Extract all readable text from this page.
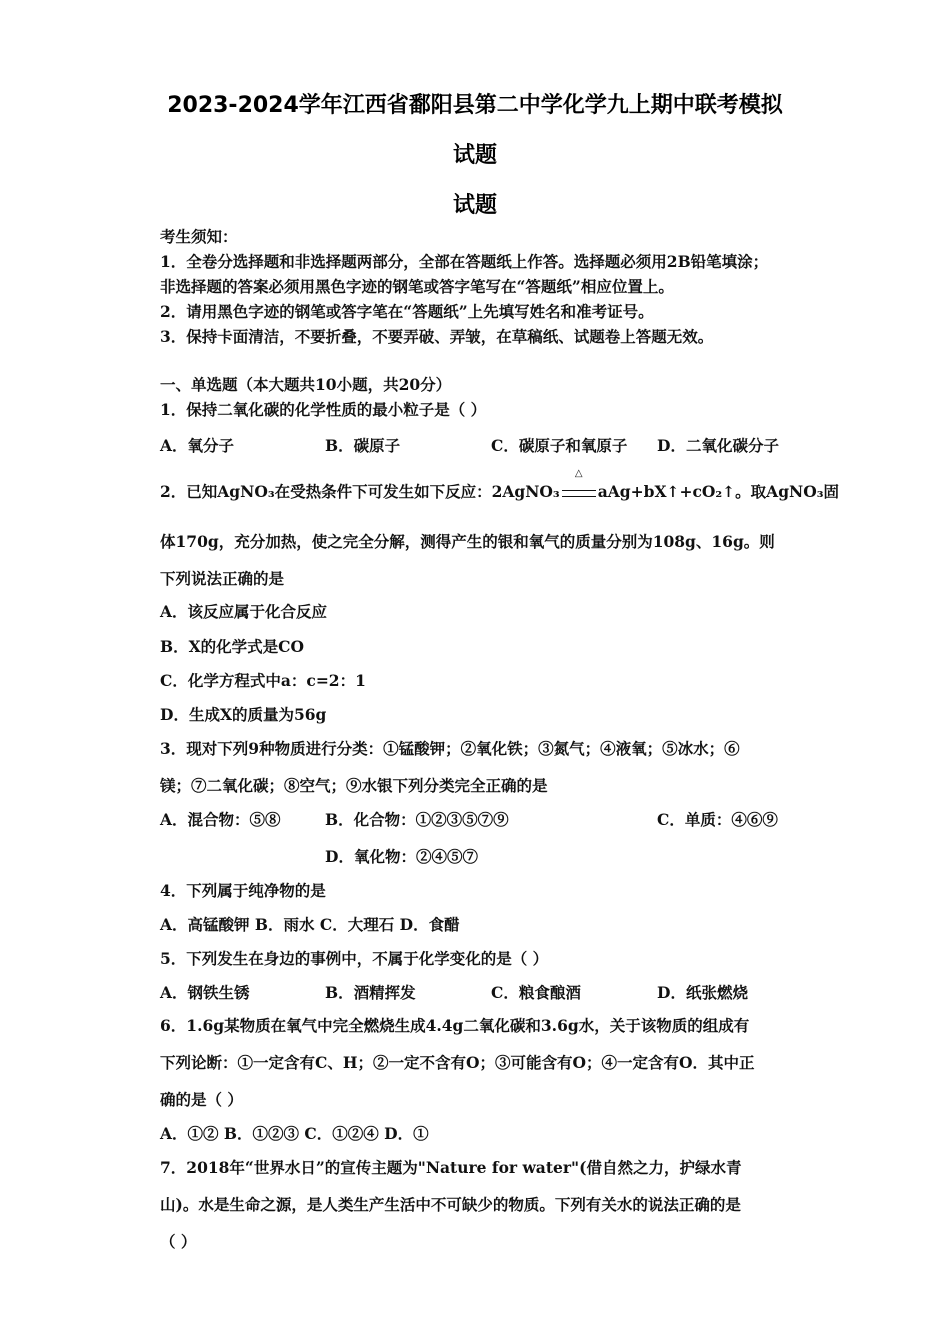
2023-2024学年江西省鄱阳县第二中学化学九上期中联考模拟
试题
试题
考生须知：
1．全卷分选择题和非选择题两部分，全部在答题纸上作答。选择题必须用2B铅笔填涂；
非选择题的答案必须用黑色字迹的钢笔或答字笔写在“答题纸”相应位置上。
2．请用黑色字迹的钢笔或答字笔在“答题纸”上先填写姓名和准考证号。
3．保持卡面清洁，不要折叠，不要弄破、弄皱，在草稿纸、试题卷上答题无效。
一、单选题（本大题共10小题，共20分）
1．保持二氧化碳的化学性质的最小粒子是（ ）
A．氧分子	B．碳原子	C．碳原子和氧原子 D．二氧化碳分子
2．已知AgNO₃在受热条件下可发生如下反应：2AgNO₃
△
aAg+bX↑+cO₂↑。取AgNO₃固
体170g，充分加热，使之完全分解，测得产生的银和氧气的质量分别为108g、16g。则
下列说法正确的是
A．该反应属于化合反应
B．X的化学式是CO
C．化学方程式中a：c=2：1
D．生成X的质量为56g
3．现对下列9种物质进行分类：①锰酸钾；②氧化铁；③氮气；④液氧；⑤冰水；⑥
镁；⑦二氧化碳；⑧空气；⑨水银下列分类完全正确的是
A．混合物：⑤⑧	B．化合物：①②③⑤⑦⑨	C．单质：④⑥⑨
D．氧化物：②④⑤⑦
4．下列属于纯净物的是
A．高锰酸钾 B．雨水 C．大理石 D．食醋
5．下列发生在身边的事例中，不属于化学变化的是（ ）
A．钢铁生锈	B．酒精挥发	C．粮食酿酒	D．纸张燃烧
6．1.6g某物质在氧气中完全燃烧生成4.4g二氧化碳和3.6g水，关于该物质的组成有
下列论断：①一定含有C、H；②一定不含有O；③可能含有O；④一定含有O．其中正
确的是（ ）
A．①② B．①②③ C．①②④ D．①
7．2018年“世界水日”的宣传主题为"Nature for water"(借自然之力，护绿水青
山)。水是生命之源，是人类生产生活中不可缺少的物质。下列有关水的说法正确的是
（ ）
